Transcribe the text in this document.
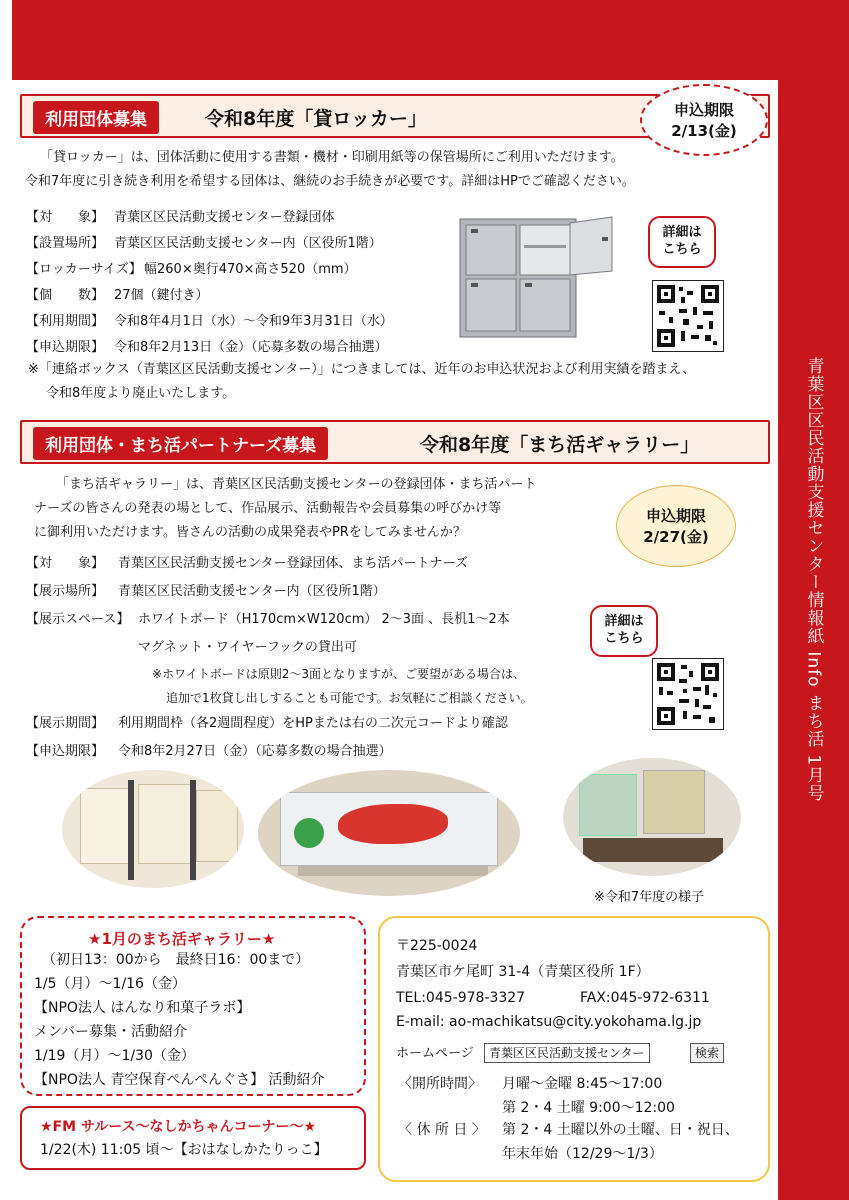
青葉区区民活動支援センター情報紙 Info まち活 1月号
利用団体募集	令和8年度「貸ロッカー」	申込期限
2/13(金)
「貸ロッカー」は、団体活動に使用する書類・機材・印刷用紙等の保管場所にご利用いただけます。
令和7年度に引き続き利用を希望する団体は、継続のお手続きが必要です。詳細はHPでご確認ください。
【対　　象】 青葉区区民活動支援センター登録団体
【設置場所】 青葉区区民活動支援センター内（区役所1階）
【ロッカーサイズ】 幅260×奥行470×高さ520（mm）
【個　　数】 27個（鍵付き）
【利用期間】 令和8年4月1日（水）～令和9年3月31日（水）
【申込期限】 令和8年2月13日（金）（応募多数の場合抽選）
詳細は
こちら
※「連絡ボックス（青葉区区民活動支援センター）」につきましては、近年のお申込状況および利用実績を踏まえ、
令和8年度より廃止いたします。
利用団体・まち活パートナーズ募集	令和8年度「まち活ギャラリー」
「まち活ギャラリー」は、青葉区区民活動支援センターの登録団体・まち活パート
ナーズの皆さんの発表の場として、作品展示、活動報告や会員募集の呼びかけ等
に御利用いただけます。皆さんの活動の成果発表やPRをしてみませんか？
申込期限
2/27(金)
【対　　象】 青葉区区民活動支援センター登録団体、まち活パートナーズ
【展示場所】 青葉区区民活動支援センター内（区役所1階）
【展示スペース】 ホワイトボード（H170cm×W120cm） 2～3面 、長机1～2本
マグネット・ワイヤーフックの貸出可
※ホワイトボードは原則2～3面となりますが、ご要望がある場合は、
追加で1枚貸し出しすることも可能です。お気軽にご相談ください。
【展示期間】 利用期間枠（各2週間程度）をHPまたは右の二次元コードより確認
【申込期限】 令和8年2月27日（金）（応募多数の場合抽選）
詳細は
こちら
※令和7年度の様子
★1月のまち活ギャラリー★
（初日13：00から　最終日16：00まで）
1/5（月）～1/16（金）
【NPO法人 はんなり和菓子ラボ】
メンバー募集・活動紹介
1/19（月）～1/30（金）
【NPO法人 青空保育ぺんぺんぐさ】 活動紹介
★FM サルース～なしかちゃんコーナー～★
1/22(木) 11:05 頃～【おはなしかたりっこ】
〒225-0024
青葉区市ケ尾町 31-4（青葉区役所 1F）
TEL:045-978-3327	FAX:045-972-6311
E-mail: ao-machikatsu@city.yokohama.lg.jp
ホームページ	青葉区区民活動支援センター	検索
〈開所時間〉 月曜～金曜 8:45～17:00
第 2・4 土曜 9:00～12:00
〈 休 所 日 〉 第 2・4 土曜以外の土曜、日・祝日、
年末年始（12/29～1/3）
